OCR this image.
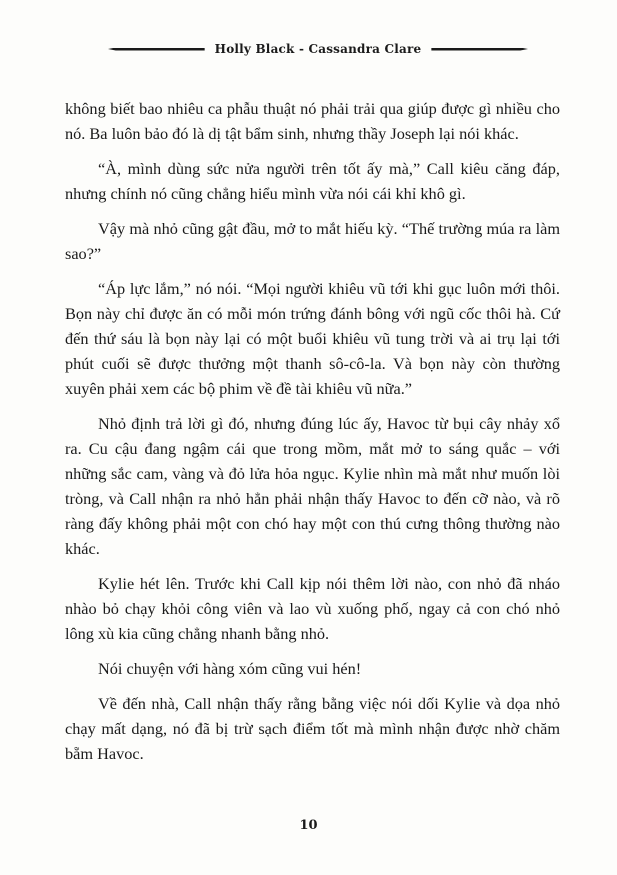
Holly Black - Cassandra Clare

không biết bao nhiêu ca phẫu thuật nó phải trải qua giúp được gì nhiều cho nó. Ba luôn bảo đó là dị tật bẩm sinh, nhưng thầy Joseph lại nói khác.

“À, mình dùng sức nửa người trên tốt ấy mà,” Call kiêu căng đáp, nhưng chính nó cũng chẳng hiểu mình vừa nói cái khỉ khô gì.

Vậy mà nhỏ cũng gật đầu, mở to mắt hiếu kỳ. “Thế trường múa ra làm sao?”

“Áp lực lắm,” nó nói. “Mọi người khiêu vũ tới khi gục luôn mới thôi. Bọn này chỉ được ăn có mỗi món trứng đánh bông với ngũ cốc thôi hà. Cứ đến thứ sáu là bọn này lại có một buổi khiêu vũ tung trời và ai trụ lại tới phút cuối sẽ được thưởng một thanh sô-cô-la. Và bọn này còn thường xuyên phải xem các bộ phim về đề tài khiêu vũ nữa.”

Nhỏ định trả lời gì đó, nhưng đúng lúc ấy, Havoc từ bụi cây nhảy xổ ra. Cu cậu đang ngậm cái que trong mồm, mắt mở to sáng quắc – với những sắc cam, vàng và đỏ lửa hỏa ngục. Kylie nhìn mà mắt như muốn lòi tròng, và Call nhận ra nhỏ hẳn phải nhận thấy Havoc to đến cỡ nào, và rõ ràng đấy không phải một con chó hay một con thú cưng thông thường nào khác.

Kylie hét lên. Trước khi Call kịp nói thêm lời nào, con nhỏ đã nháo nhào bỏ chạy khỏi công viên và lao vù xuống phố, ngay cả con chó nhỏ lông xù kia cũng chẳng nhanh bằng nhỏ.

Nói chuyện với hàng xóm cũng vui hén!

Về đến nhà, Call nhận thấy rằng bằng việc nói dối Kylie và dọa nhỏ chạy mất dạng, nó đã bị trừ sạch điểm tốt mà mình nhận được nhờ chăm bẵm Havoc.

10
